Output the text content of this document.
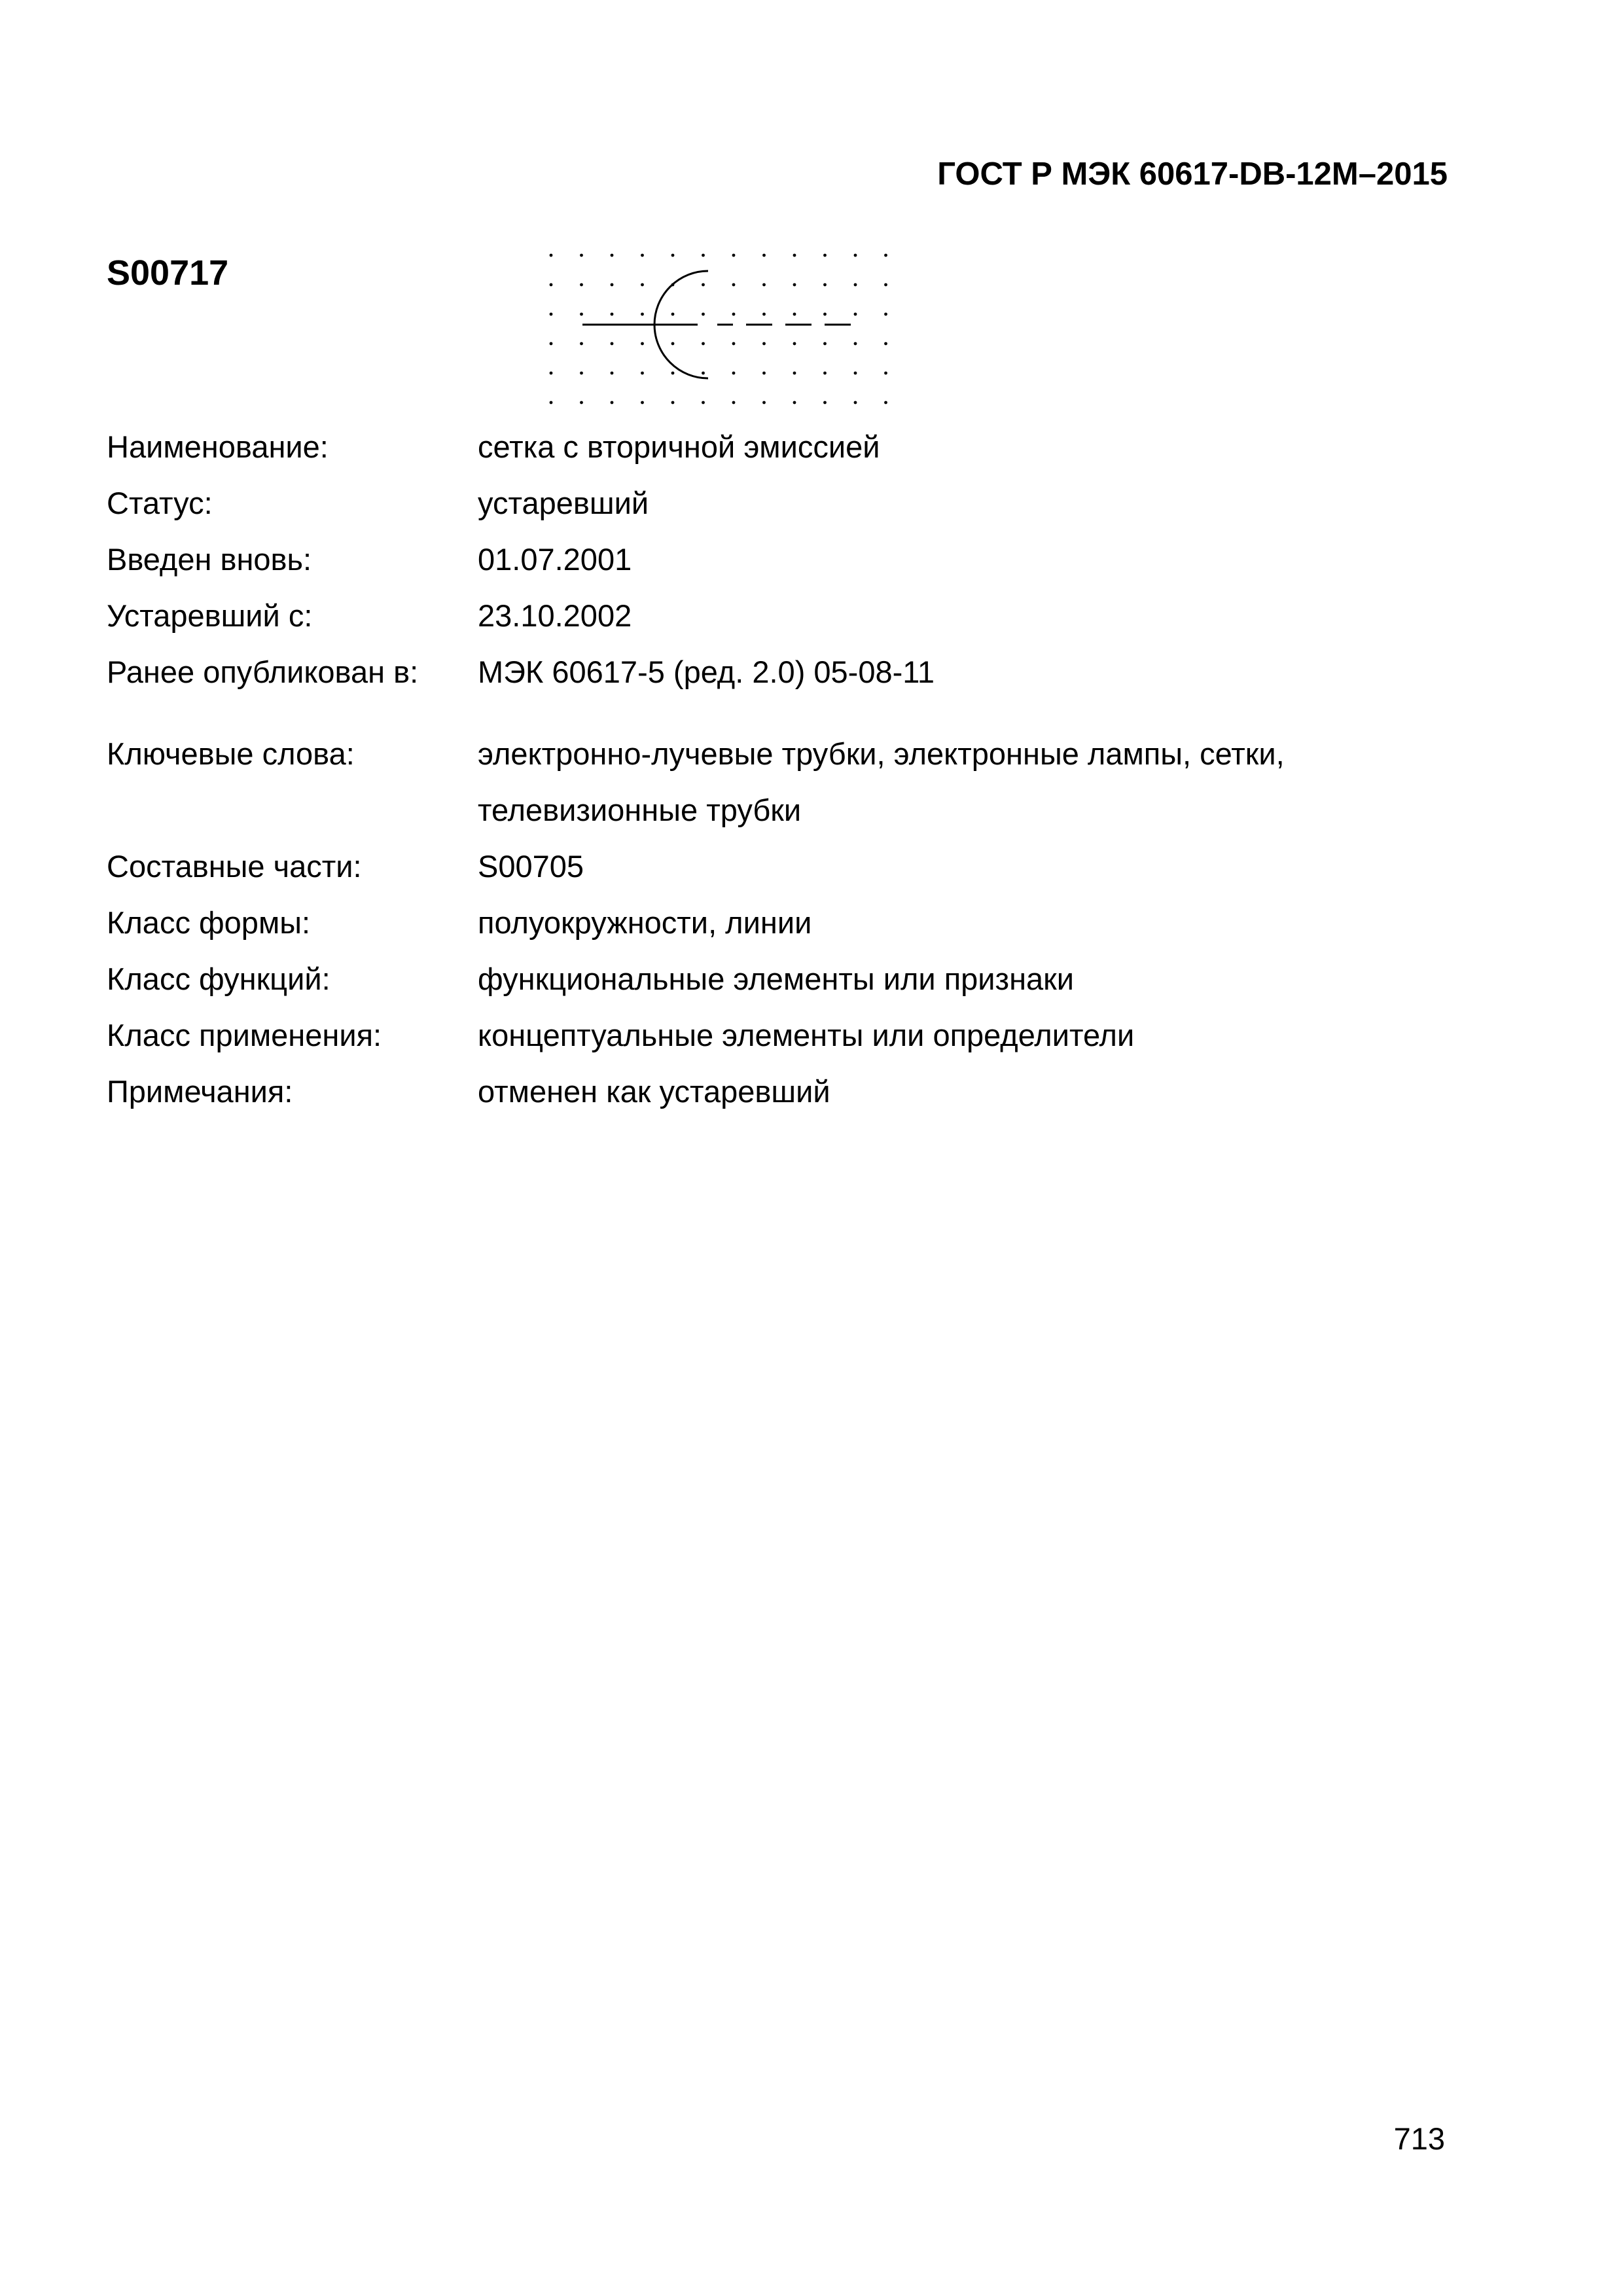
ГОСТ Р МЭК 60617-DB-12M–2015
S00717
Наименование:	сетка с вторичной эмиссией
Статус:	устаревший
Введен вновь:	01.07.2001
Устаревший с:	23.10.2002
Ранее опубликован в:	МЭК 60617-5 (ред. 2.0) 05-08-11
Ключевые слова:	электронно-лучевые трубки, электронные лампы, сетки, телевизионные трубки
Составные части:	S00705
Класс формы:	полуокружности, линии
Класс функций:	функциональные элементы или признаки
Класс применения:	концептуальные элементы или определители
Примечания:	отменен как устаревший
713
